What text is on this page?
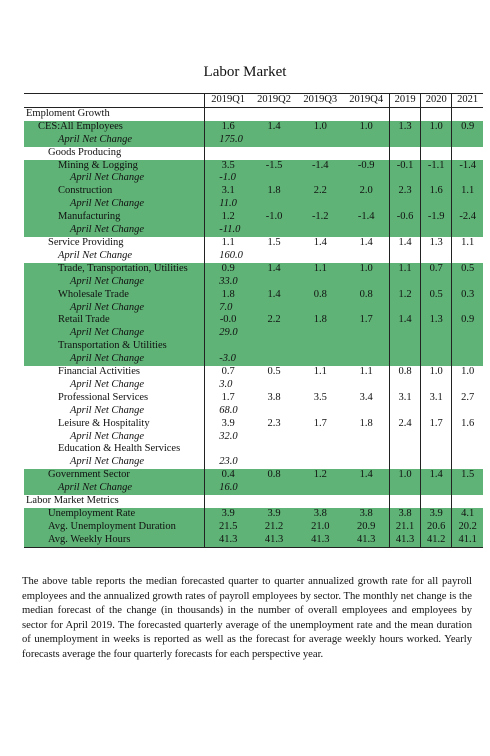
Labor Market
	2019Q1	2019Q2	2019Q3	2019Q4	2019	2020	2021
Emploment Growth							
CES:All Employees	1.6	1.4	1.0	1.0	1.3	1.0	0.9
April Net Change	175.0						
Goods Producing							
Mining & Logging	3.5	-1.5	-1.4	-0.9	-0.1	-1.1	-1.4
April Net Change	-1.0						
Construction	3.1	1.8	2.2	2.0	2.3	1.6	1.1
April Net Change	11.0						
Manufacturing	1.2	-1.0	-1.2	-1.4	-0.6	-1.9	-2.4
April Net Change	-11.0						
Service Providing	1.1	1.5	1.4	1.4	1.4	1.3	1.1
April Net Change	160.0						
Trade, Transportation, Utilities	0.9	1.4	1.1	1.0	1.1	0.7	0.5
April Net Change	33.0						
Wholesale Trade	1.8	1.4	0.8	0.8	1.2	0.5	0.3
April Net Change	7.0						
Retail Trade	-0.0	2.2	1.8	1.7	1.4	1.3	0.9
April Net Change	29.0						
Transportation & Utilities							
April Net Change	-3.0						
Financial Activities	0.7	0.5	1.1	1.1	0.8	1.0	1.0
April Net Change	3.0						
Professional Services	1.7	3.8	3.5	3.4	3.1	3.1	2.7
April Net Change	68.0						
Leisure & Hospitality	3.9	2.3	1.7	1.8	2.4	1.7	1.6
April Net Change	32.0						
Education & Health Services							
April Net Change	23.0						
Government Sector	0.4	0.8	1.2	1.4	1.0	1.4	1.5
April Net Change	16.0						
Labor Market Metrics							
Unemployment Rate	3.9	3.9	3.8	3.8	3.8	3.9	4.1
Avg. Unemployment Duration	21.5	21.2	21.0	20.9	21.1	20.6	20.2
Avg. Weekly Hours	41.3	41.3	41.3	41.3	41.3	41.2	41.1
The above table reports the median forecasted quarter to quarter annualized growth rate for all payroll employees and the annualized growth rates of payroll employees by sector. The monthly net change is the median forecast of the change (in thousands) in the number of overall employees and employees by sector for April 2019. The forecasted quarterly average of the unemployment rate and the mean duration of unemployment in weeks is reported as well as the forecast for average weekly hours worked. Yearly forecasts average the four quarterly forecasts for each perspective year.
